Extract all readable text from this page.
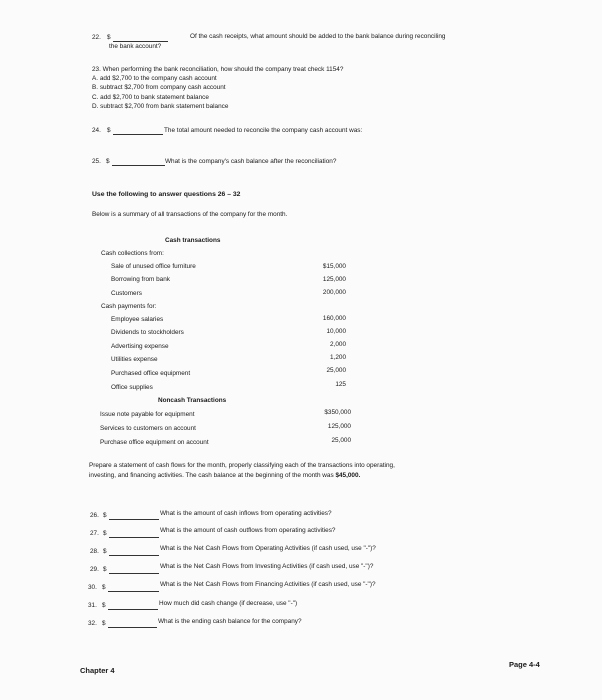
22. $	Of the cash receipts, what amount should be added to the bank balance during reconciling
the bank account?
23. When performing the bank reconciliation, how should the company treat check 1154?
A. add $2,700 to the company cash account
B. subtract $2,700 from company cash account
C. add $2,700 to bank statement balance
D. subtract $2,700 from bank statement balance
24. $	The total amount needed to reconcile the company cash account was:
25. $	What is the company's cash balance after the reconciliation?
Use the following to answer questions 26 – 32
Below is a summary of all transactions of the company for the month.
Cash transactions
Cash collections from:
Sale of unused office furniture	$15,000
Borrowing from bank	125,000
Customers	200,000
Cash payments for:
Employee salaries	160,000
Dividends to stockholders	10,000
Advertising expense	2,000
Utilities expense	1,200
Purchased office equipment	25,000
Office supplies	125
Noncash Transactions
Issue note payable for equipment	$350,000
Services to customers on account	125,000
Purchase office equipment on account	25,000
Prepare a statement of cash flows for the month, properly classifying each of the transactions into operating,
investing, and financing activities. The cash balance at the beginning of the month was $45,000.
26. $	What is the amount of cash inflows from operating activities?
27. $	What is the amount of cash outflows from operating activities?
28. $	What is the Net Cash Flows from Operating Activities (if cash used, use "-")?
29. $	What is the Net Cash Flows from Investing Activities (if cash used, use "-")?
30. $	What is the Net Cash Flows from Financing Activities (if cash used, use "-")?
31. $	How much did cash change (if decrease, use "-")
32. $	What is the ending cash balance for the company?
Chapter 4
Page 4-4
